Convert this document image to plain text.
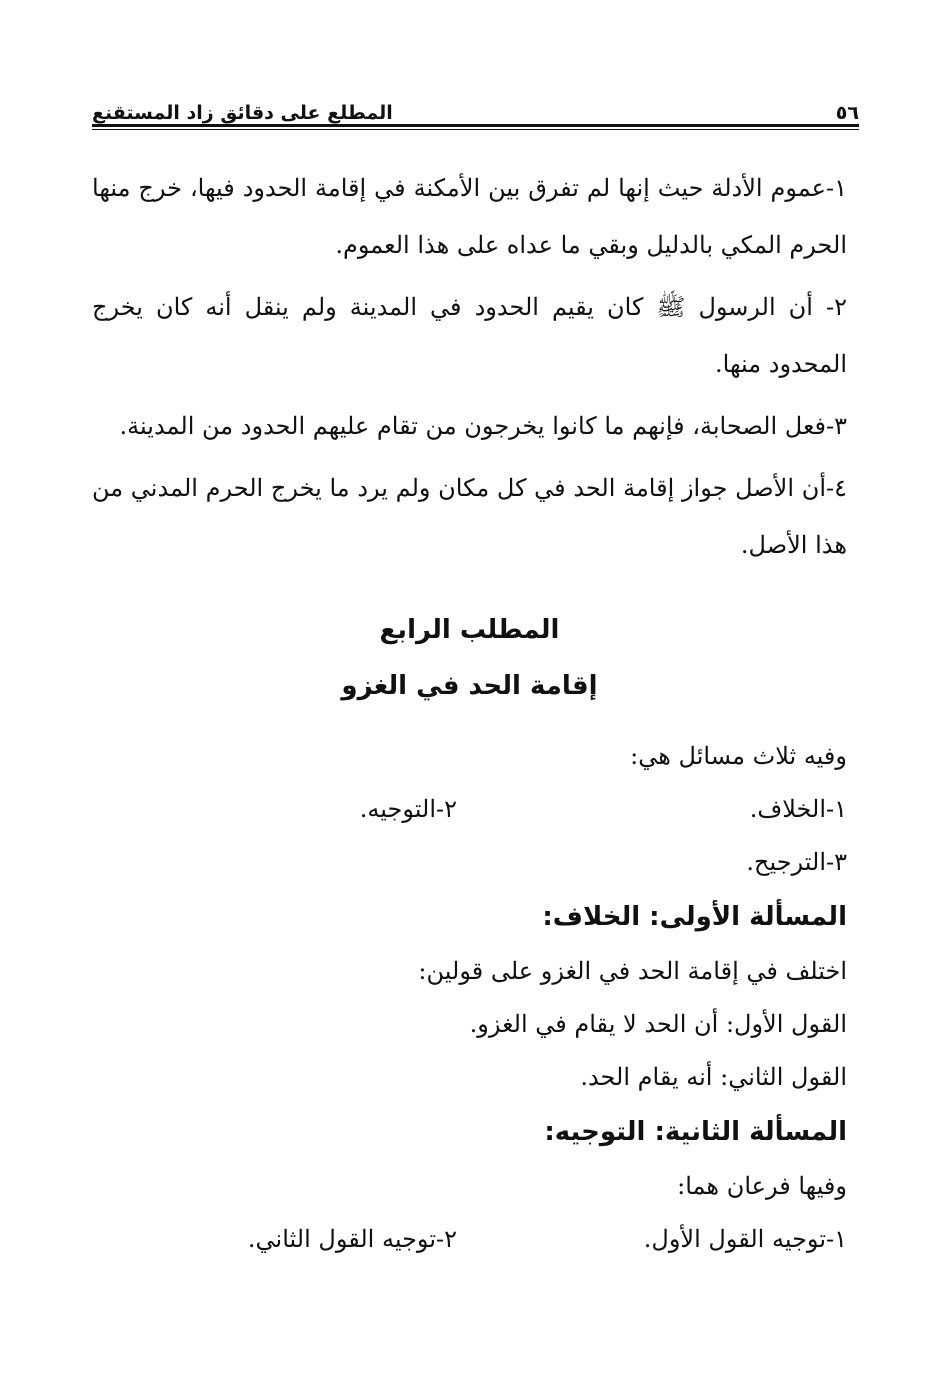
٥٦
المطلع على دقائق زاد المستقنع

١-عموم الأدلة حيث إنها لم تفرق بين الأمكنة في إقامة الحدود فيها، خرج منها الحرم المكي بالدليل وبقي ما عداه على هذا العموم.

٢- أن الرسول ﷺ كان يقيم الحدود في المدينة ولم ينقل أنه كان يخرج المحدود منها.

٣-فعل الصحابة، فإنهم ما كانوا يخرجون من تقام عليهم الحدود من المدينة.

٤-أن الأصل جواز إقامة الحد في كل مكان ولم يرد ما يخرج الحرم المدني من هذا الأصل.

المطلب الرابع

إقامة الحد في الغزو

وفيه ثلاث مسائل هي:

١-الخلاف.
٢-التوجيه.

٣-الترجيح.

المسألة الأولى: الخلاف:

اختلف في إقامة الحد في الغزو على قولين:

القول الأول: أن الحد لا يقام في الغزو.

القول الثاني: أنه يقام الحد.

المسألة الثانية: التوجيه:

وفيها فرعان هما:

١-توجيه القول الأول.
٢-توجيه القول الثاني.
